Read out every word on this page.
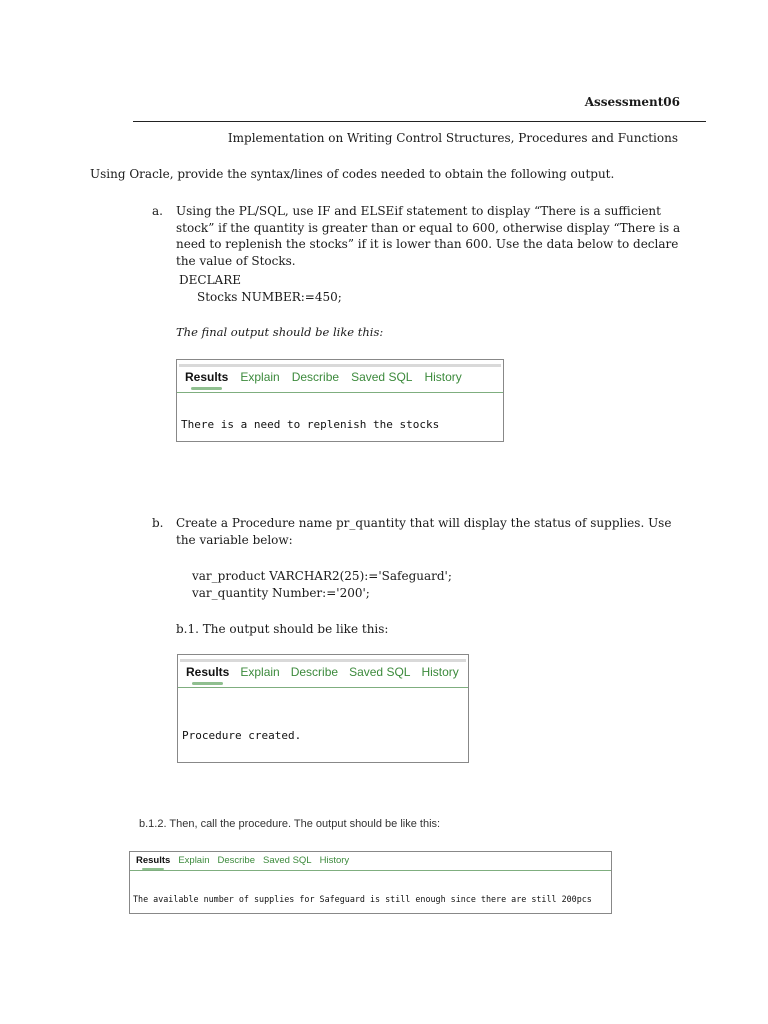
Assessment06
Implementation on Writing Control Structures, Procedures and Functions
Using Oracle, provide the syntax/lines of codes needed to obtain the following output.
a. Using the PL/SQL, use IF and ELSEif statement to display “There is a sufficient stock” if the quantity is greater than or equal to 600, otherwise display “There is a need to replenish the stocks” if it is lower than 600. Use the data below to declare the value of Stocks.
DECLARE
Stocks NUMBER:=450;
The final output should be like this:
Results Explain Describe Saved SQL History
There is a need to replenish the stocks
b. Create a Procedure name pr_quantity that will display the status of supplies. Use the variable below:
var_product VARCHAR2(25):='Safeguard';
var_quantity Number:='200';
b.1. The output should be like this:
Results Explain Describe Saved SQL History
Procedure created.
b.1.2. Then, call the procedure. The output should be like this:
Results Explain Describe Saved SQL History
The available number of supplies for Safeguard is still enough since there are still 200pcs
